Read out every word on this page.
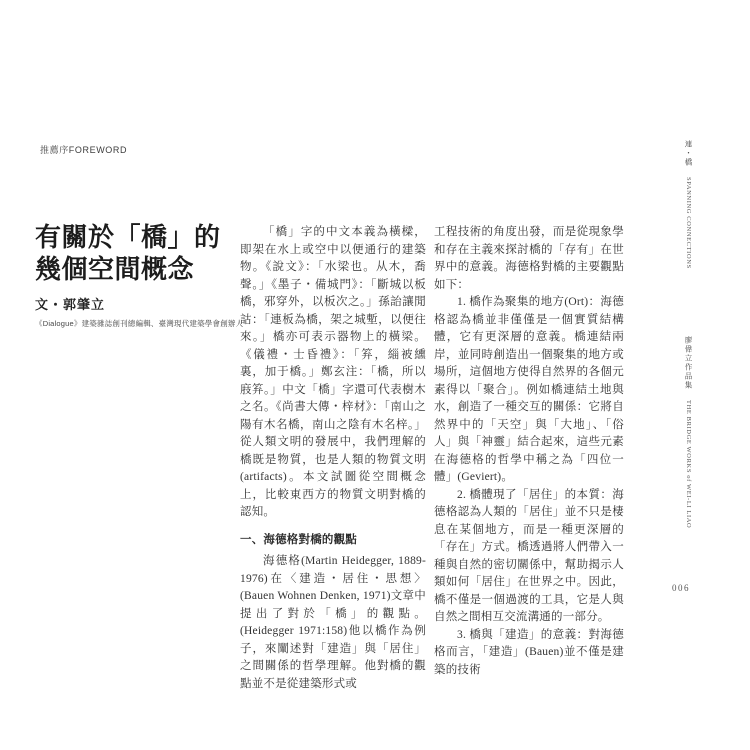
推薦序FOREWORD
有關於「橋」的
幾個空間概念
文・郭肇立
《Dialogue》建築雜誌創刊總編輯、臺灣現代建築學會創辦人

「橋」字的中文本義為橫樑，即架在水上或空中以便通行的建築物。《說文》：「水梁也。从木，喬聲。」《墨子・備城門》：「斷城以板橋，邪穿外，以板次之。」孫詒讓閒詁：「連板為橋，架之城塹，以便往來。」橋亦可表示器物上的橫梁。《儀禮・士昏禮》：「笲，緇被纁裏，加于橋。」鄭玄注：「橋，所以庪笲。」中文「橋」字還可代表樹木之名。《尚書大傳・梓材》：「南山之陽有木名橋，南山之陰有木名梓。」從人類文明的發展中，我們理解的橋既是物質，也是人類的物質文明(artifacts)。本文試圖從空間概念上，比較東西方的物質文明對橋的認知。

一、海德格對橋的觀點

海德格(Martin Heidegger, 1889-1976)在〈建造・居住・思想〉(Bauen Wohnen Denken, 1971)文章中提出了對於「橋」的觀點。(Heidegger 1971:158)他以橋作為例子，來闡述對「建造」與「居住」之間關係的哲學理解。他對橋的觀點並不是從建築形式或

工程技術的角度出發，而是從現象學和存在主義來探討橋的「存有」在世界中的意義。海德格對橋的主要觀點如下：

1. 橋作為聚集的地方(Ort)：海德格認為橋並非僅僅是一個實質結構體，它有更深層的意義。橋連結兩岸，並同時創造出一個聚集的地方或場所，這個地方使得自然界的各個元素得以「聚合」。例如橋連結土地與水，創造了一種交互的關係：它將自然界中的「天空」與「大地」、「俗人」與「神靈」結合起來，這些元素在海德格的哲學中稱之為「四位一體」(Geviert)。

2. 橋體現了「居住」的本質：海德格認為人類的「居住」並不只是棲息在某個地方，而是一種更深層的「存在」方式。橋透過將人們帶入一種與自然的密切關係中，幫助揭示人類如何「居住」在世界之中。因此，橋不僅是一個過渡的工具，它是人與自然之間相互交流溝通的一部分。

3. 橋與「建造」的意義：對海德格而言，「建造」(Bauen)並不僅是建築的技術

連・橋 SPANNING CONNECTIONS
廖偉立作品集 THE BRIDGE WORKS of WEI-LI LIAO
006
